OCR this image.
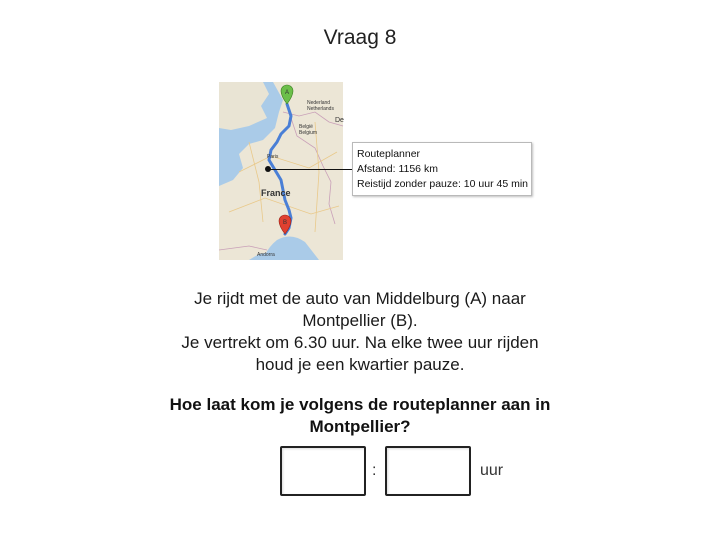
Vraag 8
A
B
Nederland
Netherlands
België
Belgium
De
Paris
France
Andorra
Routeplanner
Afstand: 1156 km
Reistijd zonder pauze: 10 uur 45 min
Je rijdt met de auto van Middelburg (A) naar
Montpellier (B).
Je vertrekt om 6.30 uur. Na elke twee uur rijden
houd je een kwartier pauze.
Hoe laat kom je volgens de routeplanner aan in
Montpellier?
:	uur
